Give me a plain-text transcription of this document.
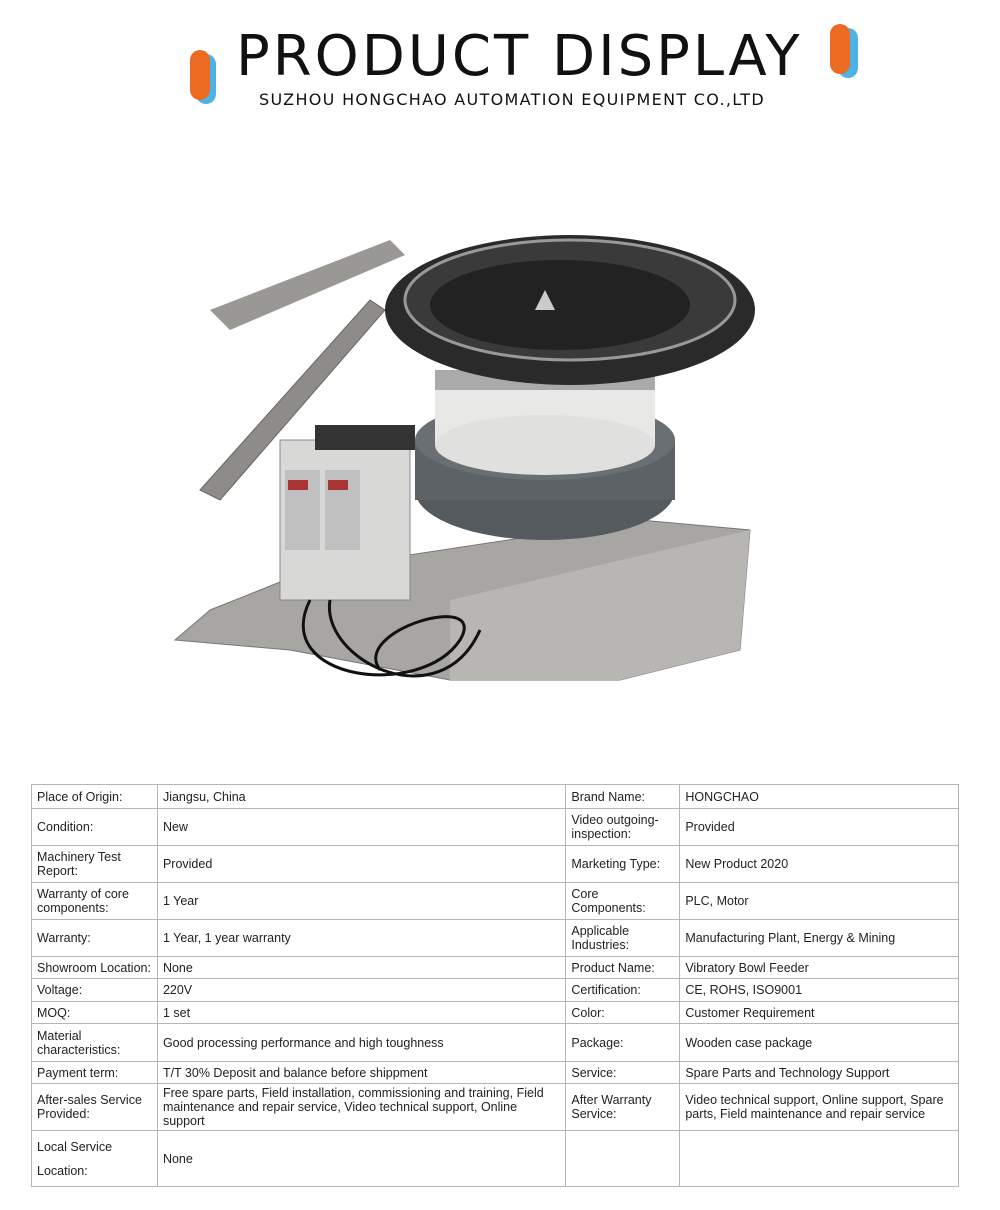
PRODUCT DISPLAY
SUZHOU HONGCHAO AUTOMATION EQUIPMENT CO.,LTD
Place of Origin:	Jiangsu, China	Brand Name:	HONGCHAO
Condition:	New	Video outgoing-inspection:	Provided
Machinery Test Report:	Provided	Marketing Type:	New Product 2020
Warranty of core components:	1 Year	Core Components:	PLC, Motor
Warranty:	1 Year, 1 year warranty	Applicable Industries:	Manufacturing Plant, Energy & Mining
Showroom Location:	None	Product Name:	Vibratory Bowl Feeder
Voltage:	220V	Certification:	CE, ROHS, ISO9001
MOQ:	1 set	Color:	Customer Requirement
Material characteristics:	Good processing performance and high toughness	Package:	Wooden case package
Payment term:	T/T 30% Deposit and balance before shippment	Service:	Spare Parts and Technology Support
After-sales Service Provided:	Free spare parts, Field installation, commissioning and training, Field maintenance and repair service, Video technical support, Online support	After Warranty Service:	Video technical support, Online support, Spare parts, Field maintenance and repair service
Local Service Location:	None		
